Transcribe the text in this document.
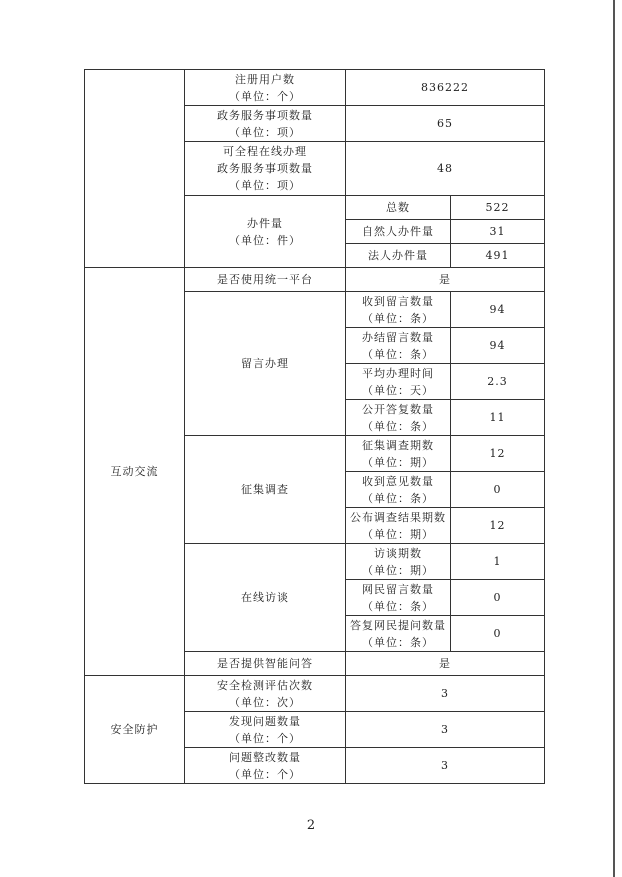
	注册用户数
（单位：个）	836222	
	政务服务事项数量
（单位：项）	65	

	可全程在线办理
政务服务事项数量
（单位：项）	48	
	办件量
（单位：件）	总数	522
		自然人办件量	31
		法人办件量	491
互动交流	是否使用统一平台	是	
	留言办理	收到留言数量
（单位：条）	94
		办结留言数量
（单位：条）	94
		平均办理时间
（单位：天）	2.3
		公开答复数量
（单位：条）	11
	征集调查	征集调查期数
（单位：期）	12
		收到意见数量
（单位：条）	0
		公布调查结果期数
（单位：期）	12
	在线访谈	访谈期数
（单位：期）	1
		网民留言数量
（单位：条）	0
		答复网民提问数量
（单位：条）	0
	是否提供智能问答	是	
安全防护	安全检测评估次数
（单位：次）	3	
	发现问题数量
（单位：个）	3	
	问题整改数量
（单位：个）	3	
2
